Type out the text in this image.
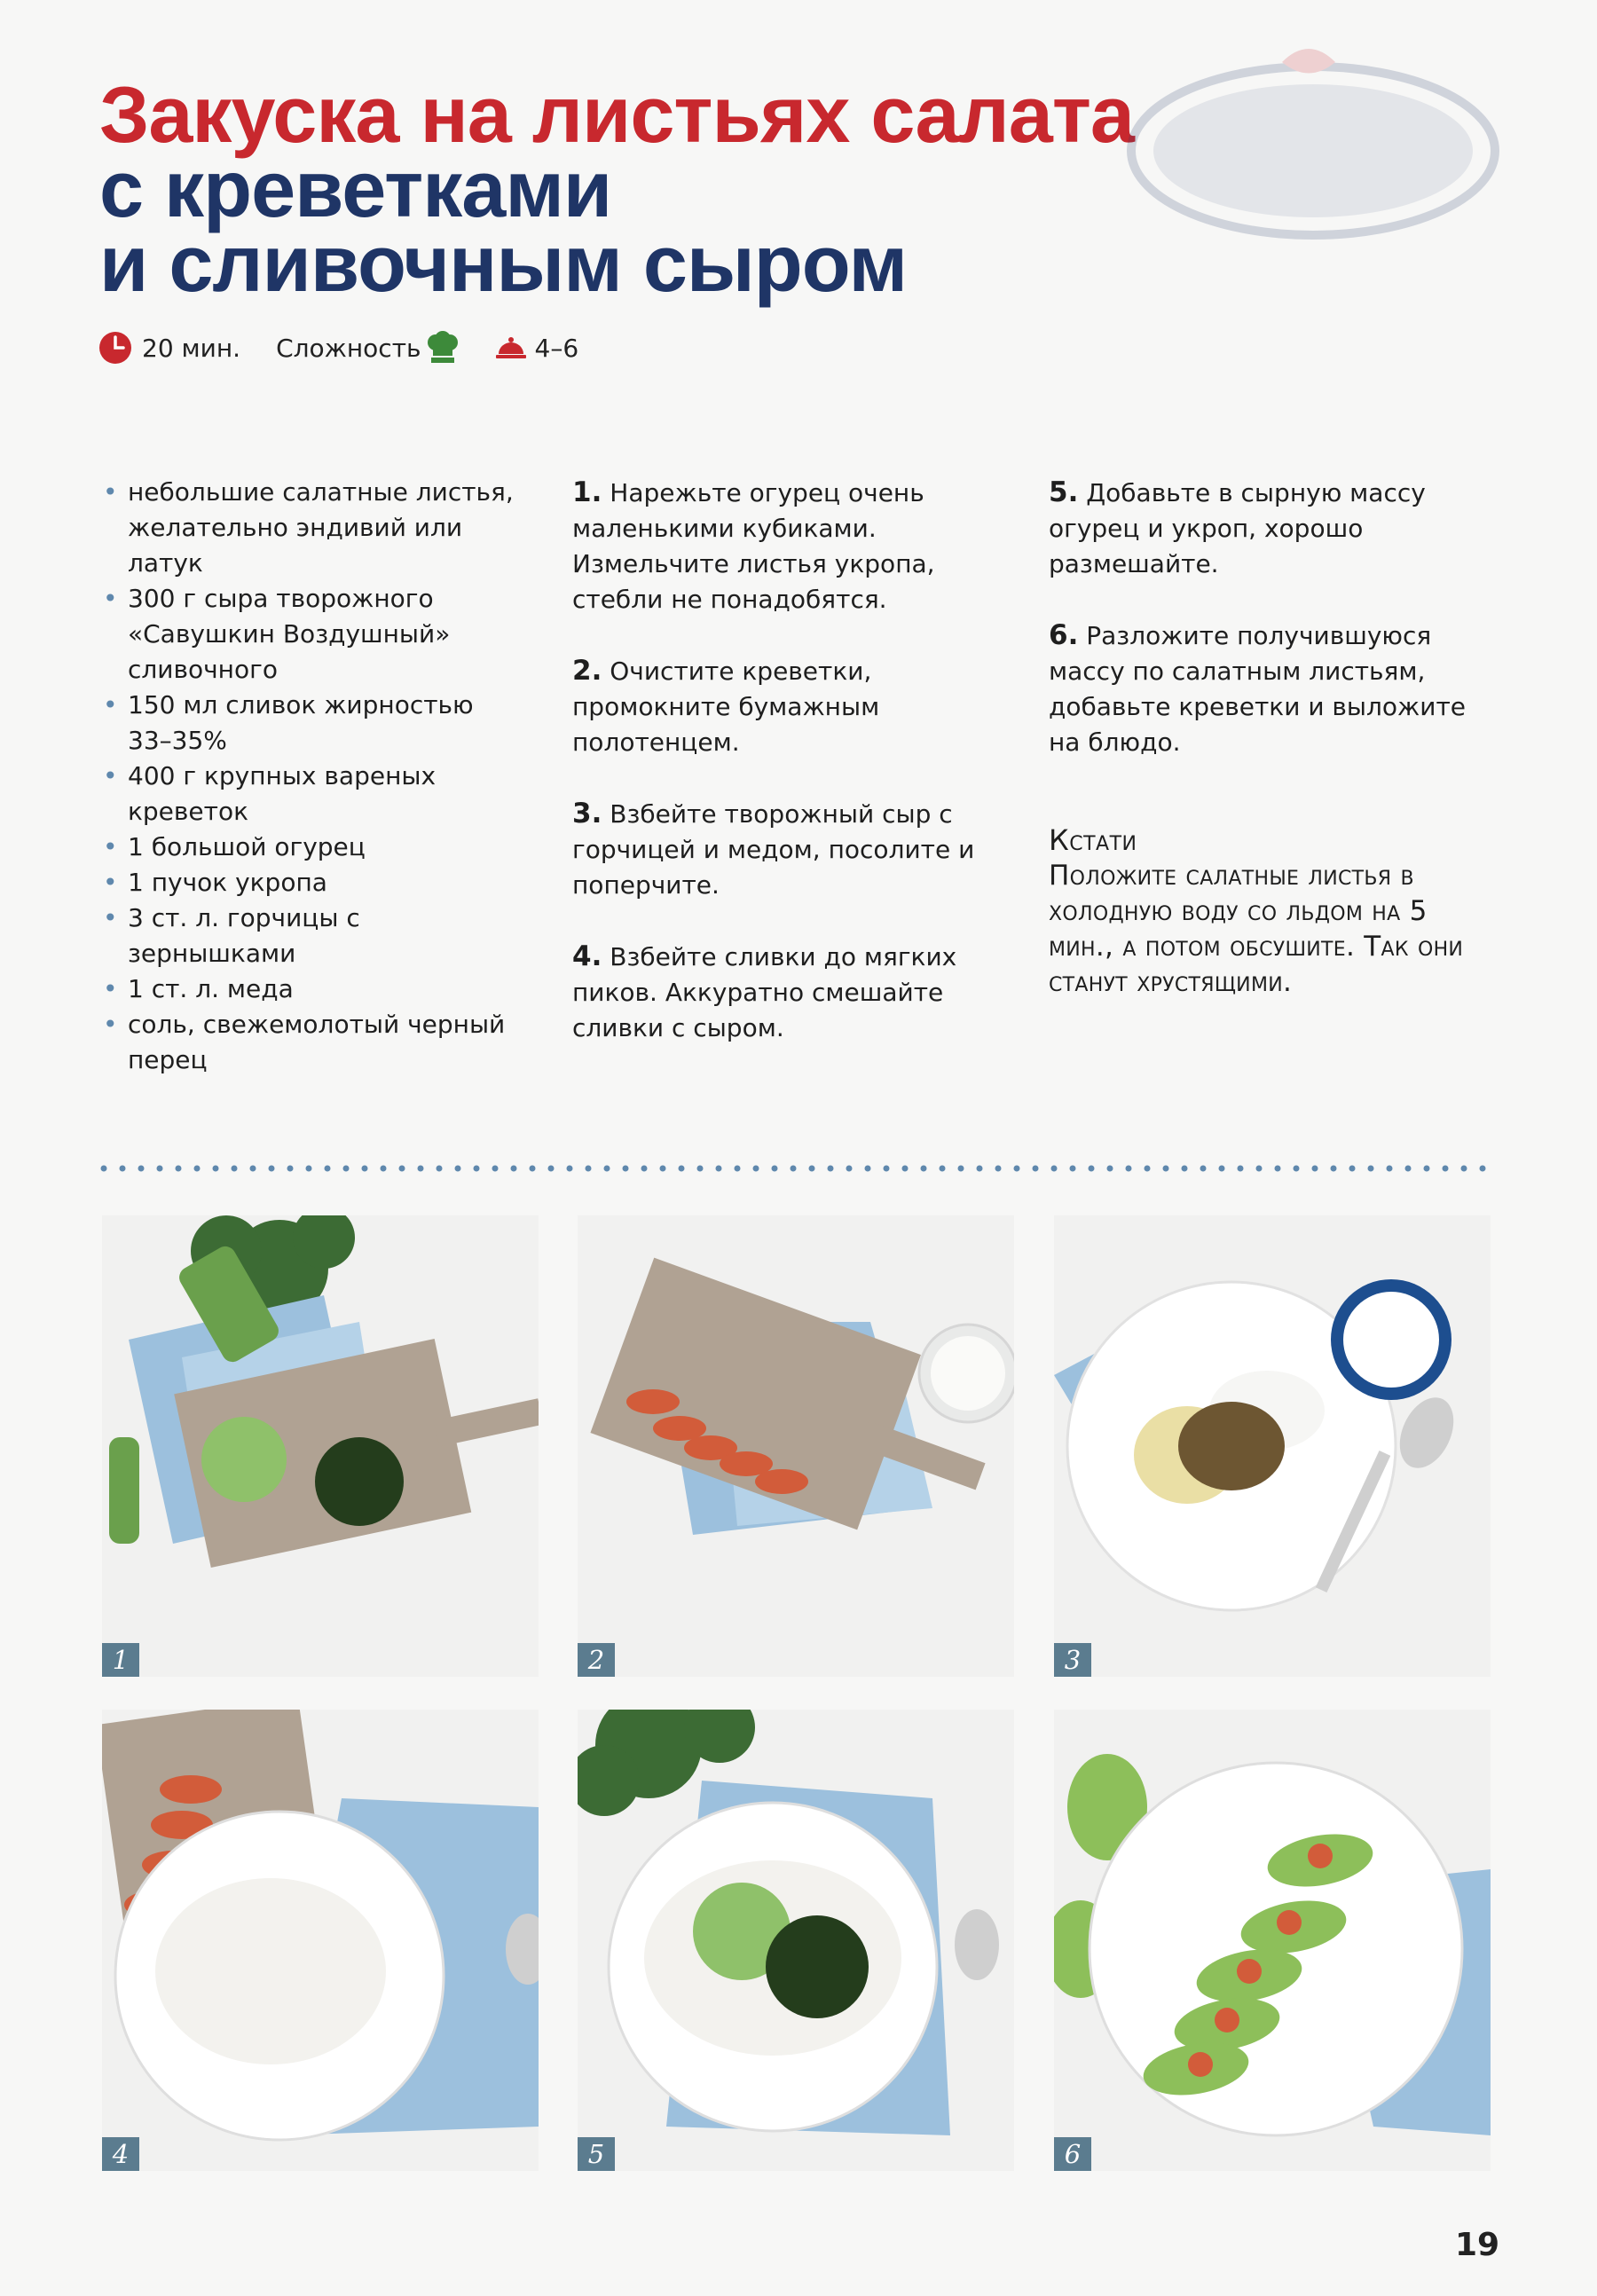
Закуска на листьях салата
с креветками
и сливочным сыром
20 мин. Сложность	4–6
• небольшие салатные листья, желательно эндивий или латук
• 300 г сыра творожного «Савушкин Воздушный» сливочного
• 150 мл сливок жирностью 33–35%
• 400 г крупных вареных креветок
• 1 большой огурец
• 1 пучок укропа
• 3 ст. л. горчицы с зернышками
• 1 ст. л. меда
• соль, свежемолотый черный перец

1. Нарежьте огурец очень маленькими кубиками. Измельчите листья укропа, стебли не понадобятся.

2. Очистите креветки, промокните бумажным полотенцем.

3. Взбейте творожный сыр с горчицей и медом, посолите и поперчите.

4. Взбейте сливки до мягких пиков. Аккуратно смешайте сливки с сыром.

5. Добавьте в сырную массу огурец и укроп, хорошо размешайте.

6. Разложите получившуюся массу по салатным листьям, добавьте креветки и выложите на блюдо.

Кстати
Положите салатные листья в холодную воду со льдом на 5 мин., а потом обсушите. Так они станут хрустящими.
1	2	3
4	5	6
19
